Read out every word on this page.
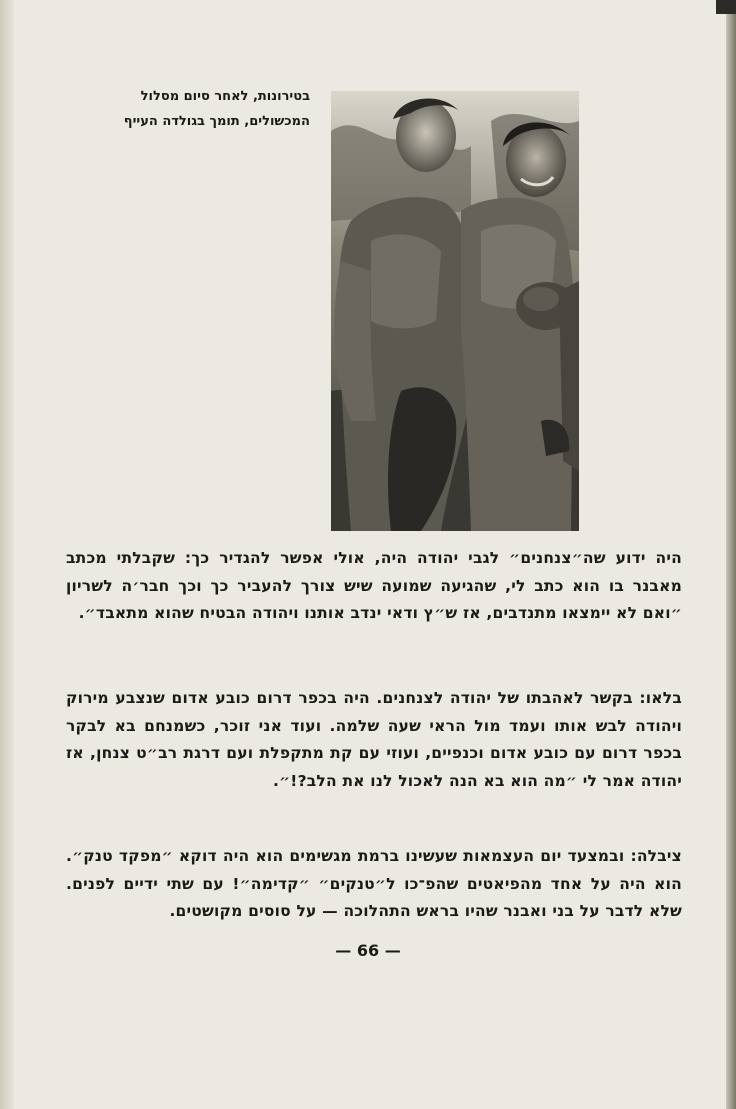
בטירונות, לאחר סיום מסלול
המכשולים, תומך בגולדה העייף
היה ידוע שה״צנחנים״ לגבי יהודה היה, אולי אפשר להגדיר כך: שקבלתי מכתב מאבנר בו הוא כתב לי, שהגיעה שמועה שיש צורך להעביר כך וכך חבר׳ה לשריון ״ואם לא יימצאו מתנדבים, אז ש״ץ ודאי ינדב אותנו ויהודה הבטיח שהוא מתאבד״.
בלאו: בקשר לאהבתו של יהודה לצנחנים. היה בכפר דרום כובע אדום שנצבע מירוק ויהודה לבש אותו ועמד מול הראי שעה שלמה. ועוד אני זוכר, כשמנחם בא לבקר בכפר דרום עם כובע אדום וכנפיים, ועוזי עם קת מתקפלת ועם דרגת רב״ט צנחן, אז יהודה אמר לי ״מה הוא בא הנה לאכול לנו את הלב?!״.
ציבלה: ובמצעד יום העצמאות שעשינו ברמת מגשימים הוא היה דוקא ״מפקד טנק״. הוא היה על אחד מהפיאטים שהפ־כו ל״טנקים״ ״קדימה״! עם שתי ידיים לפנים. שלא לדבר על בני ואבנר שהיו בראש התהלוכה — על סוסים מקושטים.
— 66 —
